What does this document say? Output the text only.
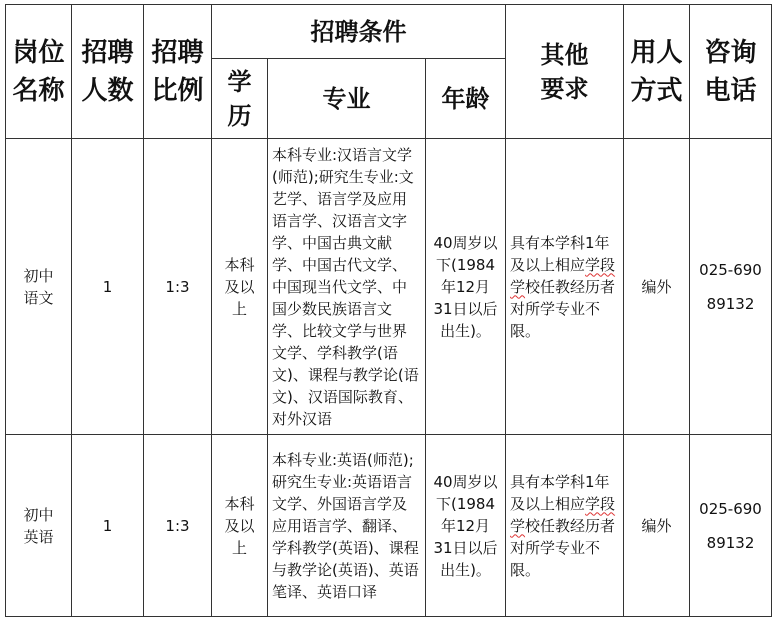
岗位名称	招聘人数	招聘比例	招聘条件			其他要求	用人方式	咨询电话

			学历	专业	年龄			

初中语文	1	1:3	本科及以上	本科专业:汉语言文学(师范);研究生专业:文艺学、语言学及应用语言学、汉语言文字学、中国古典文献学、中国古代文学、中国现当代文学、中国少数民族语言文学、比较文学与世界文学、学科教学(语文)、课程与教学论(语文)、汉语国际教育、对外汉语	40周岁以下(1984年12月31日以后出生)。	具有本学科1年及以上相应学段学校任教经历者对所学专业不限。	编外	025-69089132

初中英语	1	1:3	本科及以上	本科专业:英语(师范);研究生专业:英语语言文学、外国语言学及应用语言学、翻译、学科教学(英语)、课程与教学论(英语)、英语笔译、英语口译	40周岁以下(1984年12月31日以后出生)。	具有本学科1年及以上相应学段学校任教经历者对所学专业不限。	编外	025-69089132
